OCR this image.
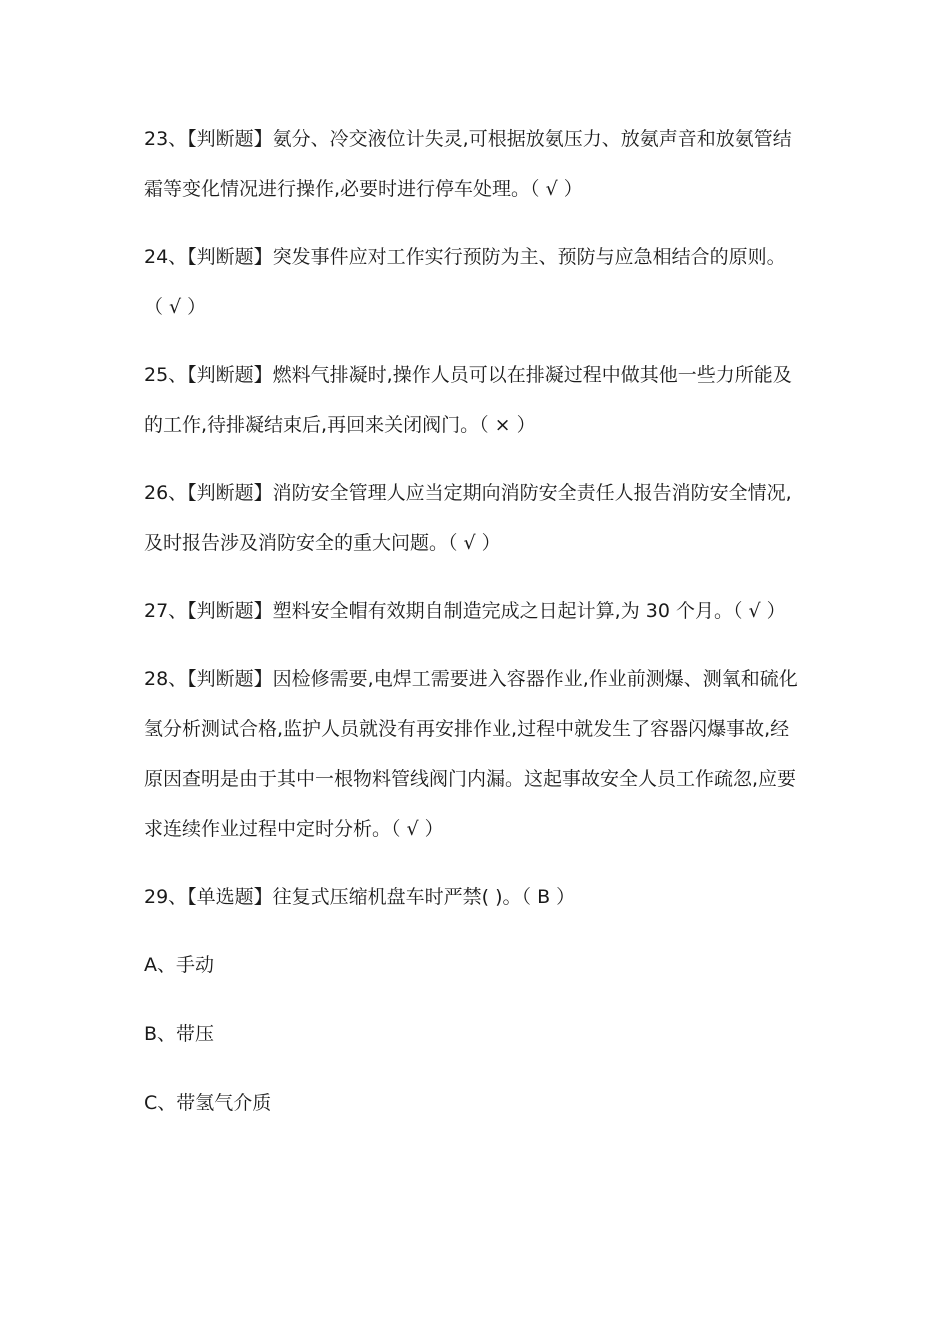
23、【判断题】氨分、冷交液位计失灵,可根据放氨压力、放氨声音和放氨管结
霜等变化情况进行操作,必要时进行停车处理。（ √ ）
24、【判断题】突发事件应对工作实行预防为主、预防与应急相结合的原则。
（ √ ）
25、【判断题】燃料气排凝时,操作人员可以在排凝过程中做其他一些力所能及
的工作,待排凝结束后,再回来关闭阀门。（ × ）
26、【判断题】消防安全管理人应当定期向消防安全责任人报告消防安全情况,
及时报告涉及消防安全的重大问题。（ √ ）
27、【判断题】塑料安全帽有效期自制造完成之日起计算,为 30 个月。（ √ ）
28、【判断题】因检修需要,电焊工需要进入容器作业,作业前测爆、测氧和硫化
氢分析测试合格,监护人员就没有再安排作业,过程中就发生了容器闪爆事故,经
原因查明是由于其中一根物料管线阀门内漏。这起事故安全人员工作疏忽,应要
求连续作业过程中定时分析。（ √ ）
29、【单选题】往复式压缩机盘车时严禁( )。（ B ）
A、手动
B、带压
C、带氢气介质
